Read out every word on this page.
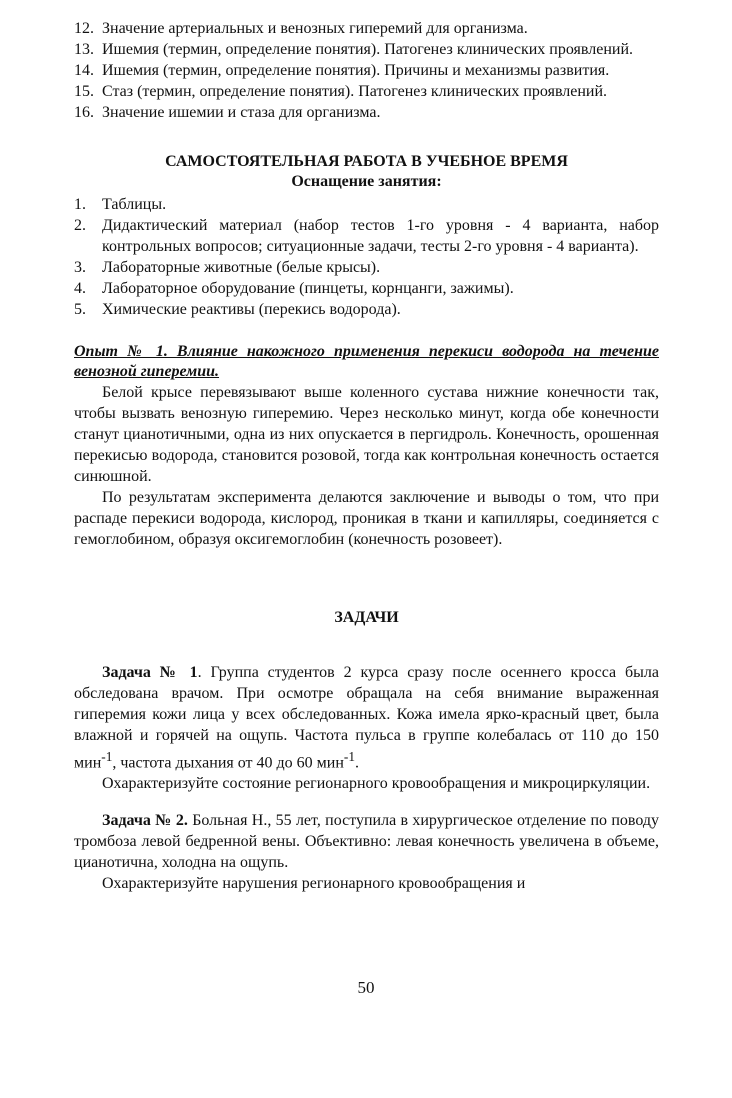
12. Значение артериальных и венозных гиперемий для организма.
13. Ишемия (термин, определение понятия). Патогенез клинических проявлений.
14. Ишемия (термин, определение понятия). Причины и механизмы развития.
15. Стаз (термин, определение понятия). Патогенез клинических проявлений.
16. Значение ишемии и стаза для организма.
САМОСТОЯТЕЛЬНАЯ РАБОТА В УЧЕБНОЕ ВРЕМЯ
Оснащение занятия:
1. Таблицы.
2. Дидактический материал (набор тестов 1-го уровня - 4 варианта, набор контрольных вопросов; ситуационные задачи, тесты 2-го уровня - 4 варианта).
3. Лабораторные животные (белые крысы).
4. Лабораторное оборудование (пинцеты, корнцанги, зажимы).
5. Химические реактивы (перекись водорода).
Опыт № 1. Влияние накожного применения перекиси водорода на течение венозной гиперемии.

Белой крысе перевязывают выше коленного сустава нижние конечности так, чтобы вызвать венозную гиперемию. Через несколько минут, когда обе конечности станут цианотичными, одна из них опускается в пергидроль. Конечность, орошенная перекисью водорода, становится розовой, тогда как контрольная конечность остается синюшной.

По результатам эксперимента делаются заключение и выводы о том, что при распаде перекиси водорода, кислород, проникая в ткани и капилляры, соединяется с гемоглобином, образуя оксигемоглобин (конечность розовеет).

ЗАДАЧИ

Задача № 1. Группа студентов 2 курса сразу после осеннего кросса была обследована врачом. При осмотре обращала на себя внимание выраженная гиперемия кожи лица у всех обследованных. Кожа имела ярко-красный цвет, была влажной и горячей на ощупь. Частота пульса в группе колебалась от 110 до 150 мин$^{-1}$, частота дыхания от 40 до 60 мин$^{-1}$.

Охарактеризуйте состояние регионарного кровообращения и микроциркуляции.

Задача № 2. Больная Н., 55 лет, поступила в хирургическое отделение по поводу тромбоза левой бедренной вены. Объективно: левая конечность увеличена в объеме, цианотична, холодна на ощупь.

Охарактеризуйте нарушения регионарного кровообращения и

50
